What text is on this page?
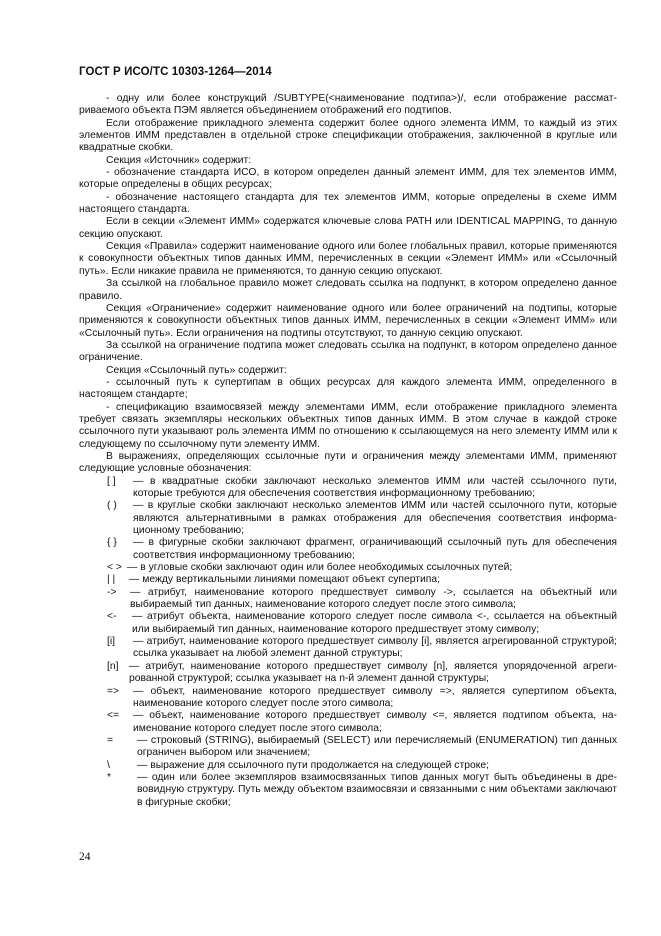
ГОСТ Р ИСО/ТС 10303-1264—2014

- одну или более конструкций /SUBTYPE(<наименование подтипа>)/, если отображение рассматриваемого объекта ПЭМ является объединением отображений его подтипов.

Если отображение прикладного элемента содержит более одного элемента ИММ, то каждый из этих элементов ИММ представлен в отдельной строке спецификации отображения, заключенной в круглые или квадратные скобки.

Секция «Источник» содержит:

- обозначение стандарта ИСО, в котором определен данный элемент ИММ, для тех элементов ИММ, которые определены в общих ресурсах;

- обозначение настоящего стандарта для тех элементов ИММ, которые определены в схеме ИММ настоящего стандарта.

Если в секции «Элемент ИММ» содержатся ключевые слова PATH или IDENTICAL MAPPING, то данную секцию опускают.

Секция «Правила» содержит наименование одного или более глобальных правил, которые применяются к совокупности объектных типов данных ИММ, перечисленных в секции «Элемент ИММ» или «Ссылочный путь». Если никакие правила не применяются, то данную секцию опускают.

За ссылкой на глобальное правило может следовать ссылка на подпункт, в котором определено данное правило.

Секция «Ограничение» содержит наименование одного или более ограничений на подтипы, которые применяются к совокупности объектных типов данных ИММ, перечисленных в секции «Элемент ИММ» или «Ссылочный путь». Если ограничения на подтипы отсутствуют, то данную секцию опускают.

За ссылкой на ограничение подтипа может следовать ссылка на подпункт, в котором определено данное ограничение.

Секция «Ссылочный путь» содержит:

- ссылочный путь к супертипам в общих ресурсах для каждого элемента ИММ, определенного в настоящем стандарте;

- спецификацию взаимосвязей между элементами ИММ, если отображение прикладного элемента требует связать экземпляры нескольких объектных типов данных ИММ. В этом случае в каждой строке ссылочного пути указывают роль элемента ИММ по отношению к ссылающемуся на него элементу ИММ или к следующему по ссылочному пути элементу ИММ.

В выражениях, определяющих ссылочные пути и ограничения между элементами ИММ, применяют следующие условные обозначения:

[ ]	— в квадратные скобки заключают несколько элементов ИММ или частей ссылочного пути, которые требуются для обеспечения соответствия информационному требованию;
( )	— в круглые скобки заключают несколько элементов ИММ или частей ссылочного пути, которые являются альтернативными в рамках отображения для обеспечения соответствия информационному требованию;
{ }	— в фигурные скобки заключают фрагмент, ограничивающий ссылочный путь для обеспечения соответствия информационному требованию;
< > — в угловые скобки заключают один или более необходимых ссылочных путей;
| |	— между вертикальными линиями помещают объект супертипа;
->	— атрибут, наименование которого предшествует символу ->, ссылается на объектный или выбираемый тип данных, наименование которого следует после этого символа;
<-	— атрибут объекта, наименование которого следует после символа <-, ссылается на объектный или выбираемый тип данных, наименование которого предшествует этому символу;
[i]	— атрибут, наименование которого предшествует символу [i], является агрегированной структурой; ссылка указывает на любой элемент данной структуры;
[n]	— атрибут, наименование которого предшествует символу [n], является упорядоченной агрегированной структурой; ссылка указывает на n-й элемент данной структуры;
=>	— объект, наименование которого предшествует символу =>, является супертипом объекта, наименование которого следует после этого символа;
<=	— объект, наименование которого предшествует символу <=, является подтипом объекта, наименование которого следует после этого символа;
=	— строковый (STRING), выбираемый (SELECT) или перечисляемый (ENUMERATION) тип данных ограничен выбором или значением;
\	— выражение для ссылочного пути продолжается на следующей строке;
*	— один или более экземпляров взаимосвязанных типов данных могут быть объединены в древовидную структуру. Путь между объектом взаимосвязи и связанными с ним объектами заключают в фигурные скобки;
24
